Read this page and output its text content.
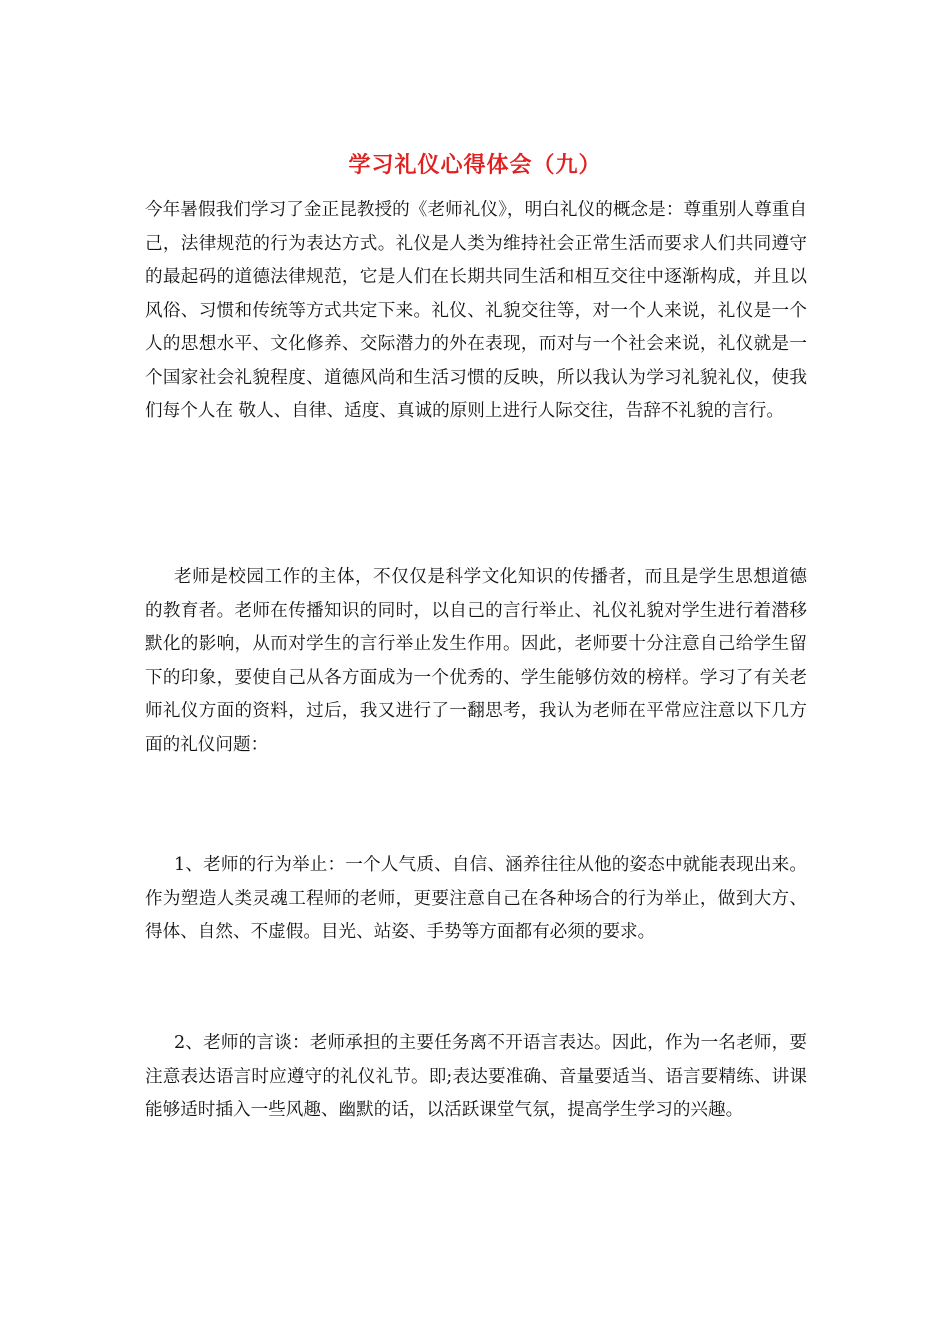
学习礼仪心得体会（九）

今年暑假我们学习了金正昆教授的《老师礼仪》，明白礼仪的概念是：尊重别人尊重自己，法律规范的行为表达方式。礼仪是人类为维持社会正常生活而要求人们共同遵守的最起码的道德法律规范，它是人们在长期共同生活和相互交往中逐渐构成，并且以风俗、习惯和传统等方式共定下来。礼仪、礼貌交往等，对一个人来说，礼仪是一个人的思想水平、文化修养、交际潜力的外在表现，而对与一个社会来说，礼仪就是一个国家社会礼貌程度、道德风尚和生活习惯的反映，所以我认为学习礼貌礼仪，使我们每个人在 敬人、自律、适度、真诚的原则上进行人际交往，告辞不礼貌的言行。

老师是校园工作的主体，不仅仅是科学文化知识的传播者，而且是学生思想道德的教育者。老师在传播知识的同时，以自己的言行举止、礼仪礼貌对学生进行着潜移默化的影响，从而对学生的言行举止发生作用。因此，老师要十分注意自己给学生留下的印象，要使自己从各方面成为一个优秀的、学生能够仿效的榜样。学习了有关老师礼仪方面的资料，过后，我又进行了一翻思考，我认为老师在平常应注意以下几方面的礼仪问题：

1、老师的行为举止：一个人气质、自信、涵养往往从他的姿态中就能表现出来。作为塑造人类灵魂工程师的老师，更要注意自己在各种场合的行为举止，做到大方、得体、自然、不虚假。目光、站姿、手势等方面都有必须的要求。

2、老师的言谈：老师承担的主要任务离不开语言表达。因此，作为一名老师，要注意表达语言时应遵守的礼仪礼节。即;表达要准确、音量要适当、语言要精练、讲课能够适时插入一些风趣、幽默的话，以活跃课堂气氛，提高学生学习的兴趣。
